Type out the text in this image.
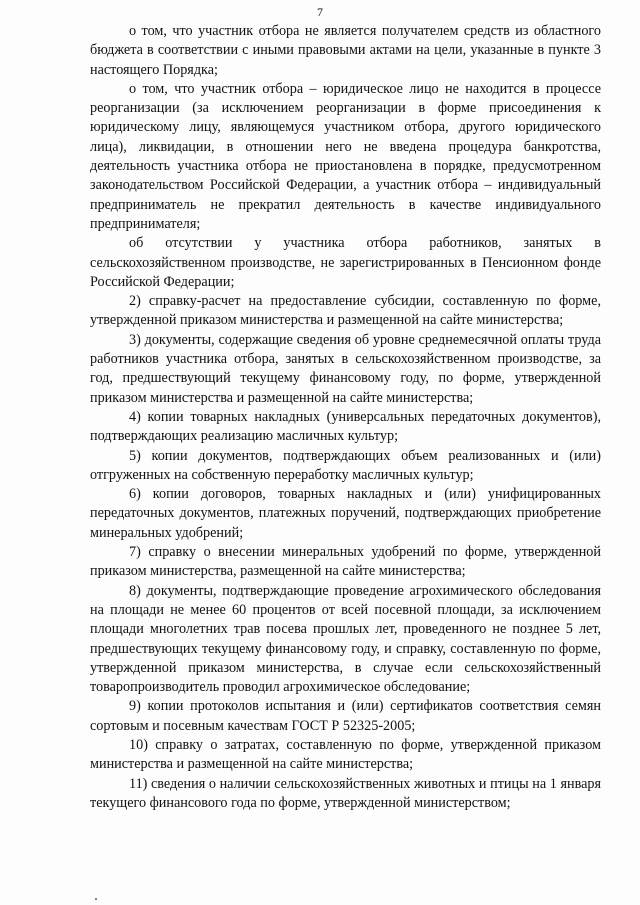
7

о том, что участник отбора не является получателем средств из областного бюджета в соответствии с иными правовыми актами на цели, указанные в пункте 3 настоящего Порядка;

о том, что участник отбора – юридическое лицо не находится в процессе реорганизации (за исключением реорганизации в форме присоединения к юридическому лицу, являющемуся участником отбора, другого юридического лица), ликвидации, в отношении него не введена процедура банкротства, деятельность участника отбора не приостановлена в порядке, предусмотренном законодательством Российской Федерации, а участник отбора – индивидуальный предприниматель не прекратил деятельность в качестве индивидуального предпринимателя;

об отсутствии у участника отбора работников, занятых в сельскохозяйственном производстве, не зарегистрированных в Пенсионном фонде Российской Федерации;

2) справку-расчет на предоставление субсидии, составленную по форме, утвержденной приказом министерства и размещенной на сайте министерства;

3) документы, содержащие сведения об уровне среднемесячной оплаты труда работников участника отбора, занятых в сельскохозяйственном производстве, за год, предшествующий текущему финансовому году, по форме, утвержденной приказом министерства и размещенной на сайте министерства;

4) копии товарных накладных (универсальных передаточных документов), подтверждающих реализацию масличных культур;

5) копии документов, подтверждающих объем реализованных и (или) отгруженных на собственную переработку масличных культур;

6) копии договоров, товарных накладных и (или) унифицированных передаточных документов, платежных поручений, подтверждающих приобретение минеральных удобрений;

7) справку о внесении минеральных удобрений по форме, утвержденной приказом министерства, размещенной на сайте министерства;

8) документы, подтверждающие проведение агрохимического обследования на площади не менее 60 процентов от всей посевной площади, за исключением площади многолетних трав посева прошлых лет, проведенного не позднее 5 лет, предшествующих текущему финансовому году, и справку, составленную по форме, утвержденной приказом министерства, в случае если сельскохозяйственный товаропроизводитель проводил агрохимическое обследование;

9) копии протоколов испытания и (или) сертификатов соответствия семян сортовым и посевным качествам ГОСТ Р 52325-2005;

10) справку о затратах, составленную по форме, утвержденной приказом министерства и размещенной на сайте министерства;

11) сведения о наличии сельскохозяйственных животных и птицы на 1 января текущего финансового года по форме, утвержденной министерством;
